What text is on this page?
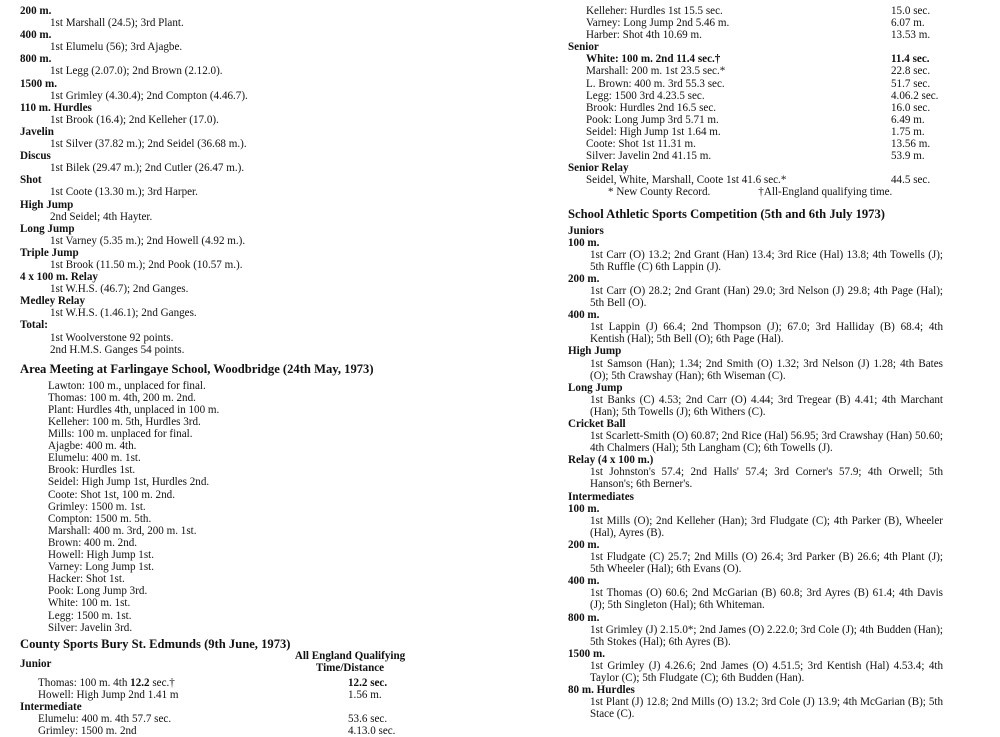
200 m.
1st Marshall (24.5); 3rd Plant.
400 m.
1st Elumelu (56); 3rd Ajagbe.
800 m.
1st Legg (2.07.0); 2nd Brown (2.12.0).
1500 m.
1st Grimley (4.30.4); 2nd Compton (4.46.7).
110 m. Hurdles
1st Brook (16.4); 2nd Kelleher (17.0).
Javelin
1st Silver (37.82 m.); 2nd Seidel (36.68 m.).
Discus
1st Bilek (29.47 m.); 2nd Cutler (26.47 m.).
Shot
1st Coote (13.30 m.); 3rd Harper.
High Jump
2nd Seidel; 4th Hayter.
Long Jump
1st Varney (5.35 m.); 2nd Howell (4.92 m.).
Triple Jump
1st Brook (11.50 m.); 2nd Pook (10.57 m.).
4 x 100 m. Relay
1st W.H.S. (46.7); 2nd Ganges.
Medley Relay
1st W.H.S. (1.46.1); 2nd Ganges.
Total:
1st Woolverstone 92 points.
2nd H.M.S. Ganges 54 points.
Area Meeting at Farlingaye School, Woodbridge (24th May, 1973)
Lawton: 100 m., unplaced for final.
Thomas: 100 m. 4th, 200 m. 2nd.
Plant: Hurdles 4th, unplaced in 100 m.
Kelleher: 100 m. 5th, Hurdles 3rd.
Mills: 100 m. unplaced for final.
Ajagbe: 400 m. 4th.
Elumelu: 400 m. 1st.
Brook: Hurdles 1st.
Seidel: High Jump 1st, Hurdles 2nd.
Coote: Shot 1st, 100 m. 2nd.
Grimley: 1500 m. 1st.
Compton: 1500 m. 5th.
Marshall: 400 m. 3rd, 200 m. 1st.
Brown: 400 m. 2nd.
Howell: High Jump 1st.
Varney: Long Jump 1st.
Hacker: Shot 1st.
Pook: Long Jump 3rd.
White: 100 m. 1st.
Legg: 1500 m. 1st.
Silver: Javelin 3rd.
County Sports Bury St. Edmunds (9th June, 1973)
All England Qualifying
Time/Distance
Junior
Thomas: 100 m. 4th 12.2 sec.†	12.2 sec.
Howell: High Jump 2nd 1.41 m	1.56 m.
Intermediate
Elumelu: 400 m. 4th 57.7 sec.	53.6 sec.
Grimley: 1500 m. 2nd	4.13.0 sec.
Kelleher: Hurdles 1st 15.5 sec.	15.0 sec.
Varney: Long Jump 2nd 5.46 m.	6.07 m.
Harber: Shot 4th 10.69 m.	13.53 m.
Senior
White: 100 m. 2nd 11.4 sec.†	11.4 sec.
Marshall: 200 m. 1st 23.5 sec.*	22.8 sec.
L. Brown: 400 m. 3rd 55.3 sec.	51.7 sec.
Legg: 1500 3rd 4.23.5 sec.	4.06.2 sec.
Brook: Hurdles 2nd 16.5 sec.	16.0 sec.
Pook: Long Jump 3rd 5.71 m.	6.49 m.
Seidel: High Jump 1st 1.64 m.	1.75 m.
Coote: Shot 1st 11.31 m.	13.56 m.
Silver: Javelin 2nd 41.15 m.	53.9 m.
Senior Relay
Seidel, White, Marshall, Coote 1st 41.6 sec.*	44.5 sec.
* New County Record.	†All-England qualifying time.
School Athletic Sports Competition (5th and 6th July 1973)
Juniors
100 m.
1st Carr (O) 13.2; 2nd Grant (Han) 13.4; 3rd Rice (Hal) 13.8; 4th Towells (J); 5th Ruffle (C) 6th Lappin (J).
200 m.
1st Carr (O) 28.2; 2nd Grant (Han) 29.0; 3rd Nelson (J) 29.8; 4th Page (Hal); 5th Bell (O).
400 m.
1st Lappin (J) 66.4; 2nd Thompson (J); 67.0; 3rd Halliday (B) 68.4; 4th Kentish (Hal); 5th Bell (O); 6th Page (Hal).
High Jump
1st Samson (Han); 1.34; 2nd Smith (O) 1.32; 3rd Nelson (J) 1.28; 4th Bates (O); 5th Crawshay (Han); 6th Wiseman (C).
Long Jump
1st Banks (C) 4.53; 2nd Carr (O) 4.44; 3rd Tregear (B) 4.41; 4th Marchant (Han); 5th Towells (J); 6th Withers (C).
Cricket Ball
1st Scarlett-Smith (O) 60.87; 2nd Rice (Hal) 56.95; 3rd Crawshay (Han) 50.60; 4th Chalmers (Hal); 5th Langham (C); 6th Towells (J).
Relay (4 x 100 m.)
1st Johnston's 57.4; 2nd Halls' 57.4; 3rd Corner's 57.9; 4th Orwell; 5th Hanson's; 6th Berner's.
Intermediates
100 m.
1st Mills (O); 2nd Kelleher (Han); 3rd Fludgate (C); 4th Parker (B), Wheeler (Hal), Ayres (B).
200 m.
1st Fludgate (C) 25.7; 2nd Mills (O) 26.4; 3rd Parker (B) 26.6; 4th Plant (J); 5th Wheeler (Hal); 6th Evans (O).
400 m.
1st Thomas (O) 60.6; 2nd McGarian (B) 60.8; 3rd Ayres (B) 61.4; 4th Davis (J); 5th Singleton (Hal); 6th Whiteman.
800 m.
1st Grimley (J) 2.15.0*; 2nd James (O) 2.22.0; 3rd Cole (J); 4th Budden (Han); 5th Stokes (Hal); 6th Ayres (B).
1500 m.
1st Grimley (J) 4.26.6; 2nd James (O) 4.51.5; 3rd Kentish (Hal) 4.53.4; 4th Taylor (C); 5th Fludgate (C); 6th Budden (Han).
80 m. Hurdles
1st Plant (J) 12.8; 2nd Mills (O) 13.2; 3rd Cole (J) 13.9; 4th McGarian (B); 5th Stace (C).
